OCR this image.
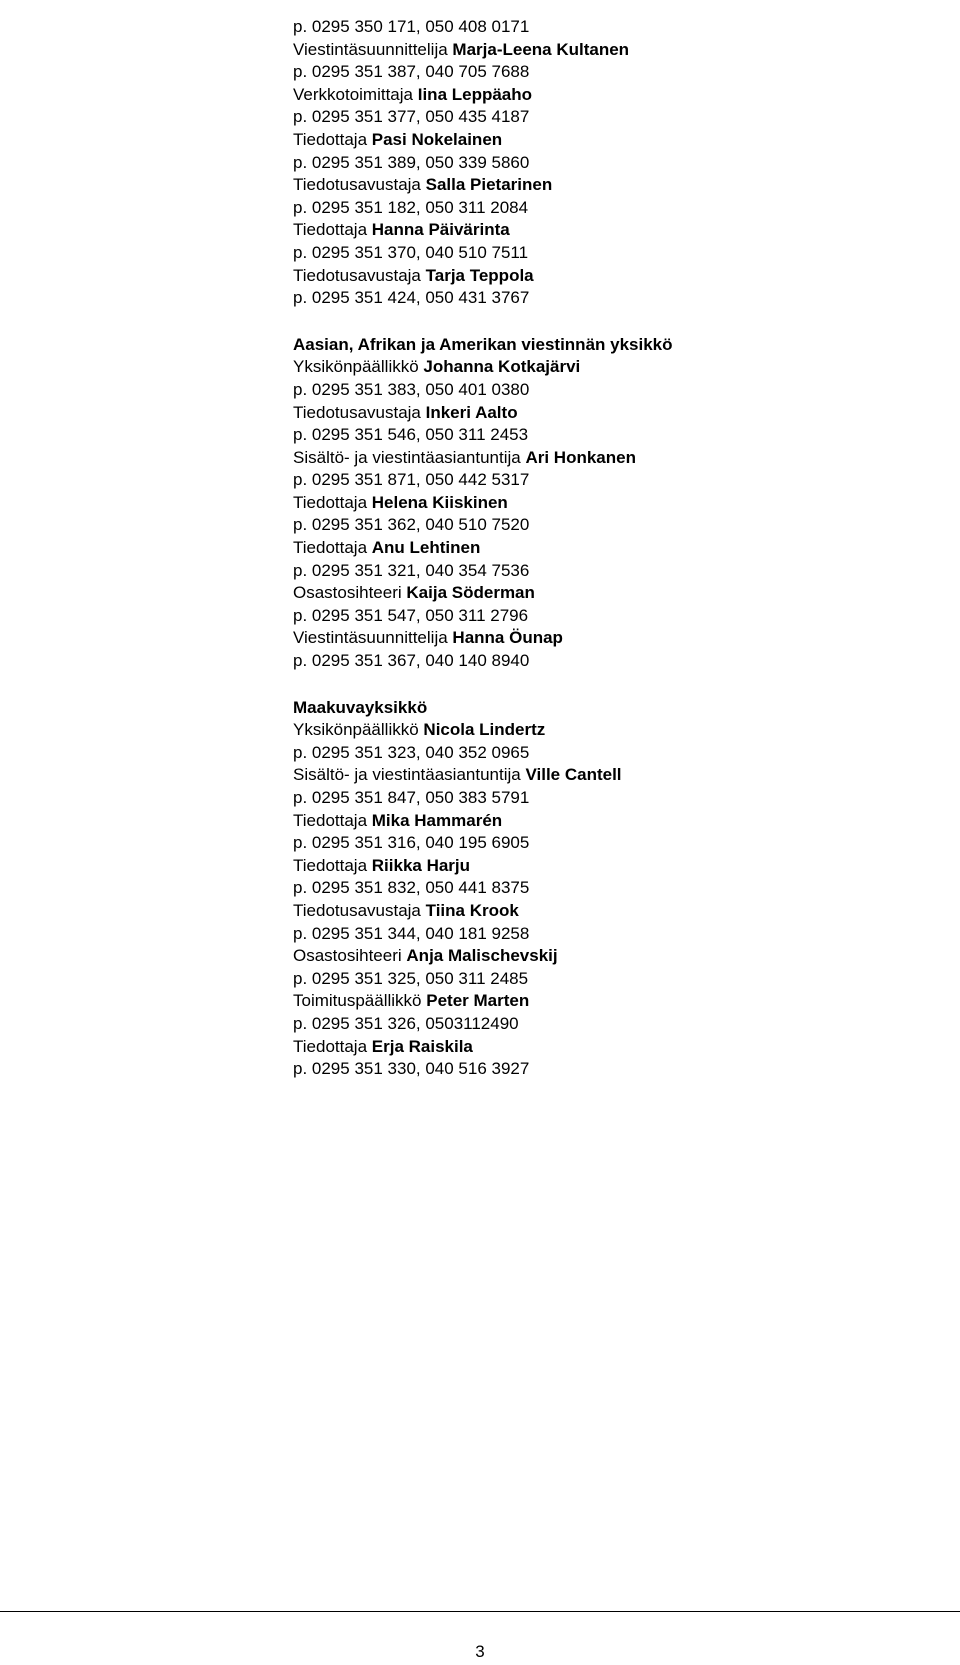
p. 0295 350 171, 050 408 0171
Viestintäsuunnittelija Marja-Leena Kultanen
p. 0295 351 387, 040 705 7688
Verkkotoimittaja Iina Leppäaho
p. 0295 351 377, 050 435 4187
Tiedottaja Pasi Nokelainen
p. 0295 351 389, 050 339 5860
Tiedotusavustaja Salla Pietarinen
p. 0295 351 182, 050 311 2084
Tiedottaja Hanna Päivärinta
p. 0295 351 370, 040 510 7511
Tiedotusavustaja Tarja Teppola
p. 0295 351 424, 050 431 3767
Aasian, Afrikan ja Amerikan viestinnän yksikkö
Yksikönpäällikkö Johanna Kotkajärvi
p. 0295 351 383, 050 401 0380
Tiedotusavustaja Inkeri Aalto
p. 0295 351 546, 050 311 2453
Sisältö- ja viestintäasiantuntija Ari Honkanen
p. 0295 351 871, 050 442 5317
Tiedottaja Helena Kiiskinen
p. 0295 351 362, 040 510 7520
Tiedottaja Anu Lehtinen
p. 0295 351 321, 040 354 7536
Osastosihteeri Kaija Söderman
p. 0295 351 547, 050 311 2796
Viestintäsuunnittelija Hanna Öunap
p. 0295 351 367, 040 140 8940
Maakuvayksikkö
Yksikönpäällikkö Nicola Lindertz
p. 0295 351 323, 040 352 0965
Sisältö- ja viestintäasiantuntija Ville Cantell
p. 0295 351 847, 050 383 5791
Tiedottaja Mika Hammarén
p. 0295 351 316, 040 195 6905
Tiedottaja Riikka Harju
p. 0295 351 832, 050 441 8375
Tiedotusavustaja Tiina Krook
p. 0295 351 344, 040 181 9258
Osastosihteeri Anja Malischevskij
p. 0295 351 325, 050 311 2485
Toimituspäällikkö Peter Marten
p. 0295 351 326, 0503112490
Tiedottaja Erja Raiskila
p. 0295 351 330, 040 516 3927
3
